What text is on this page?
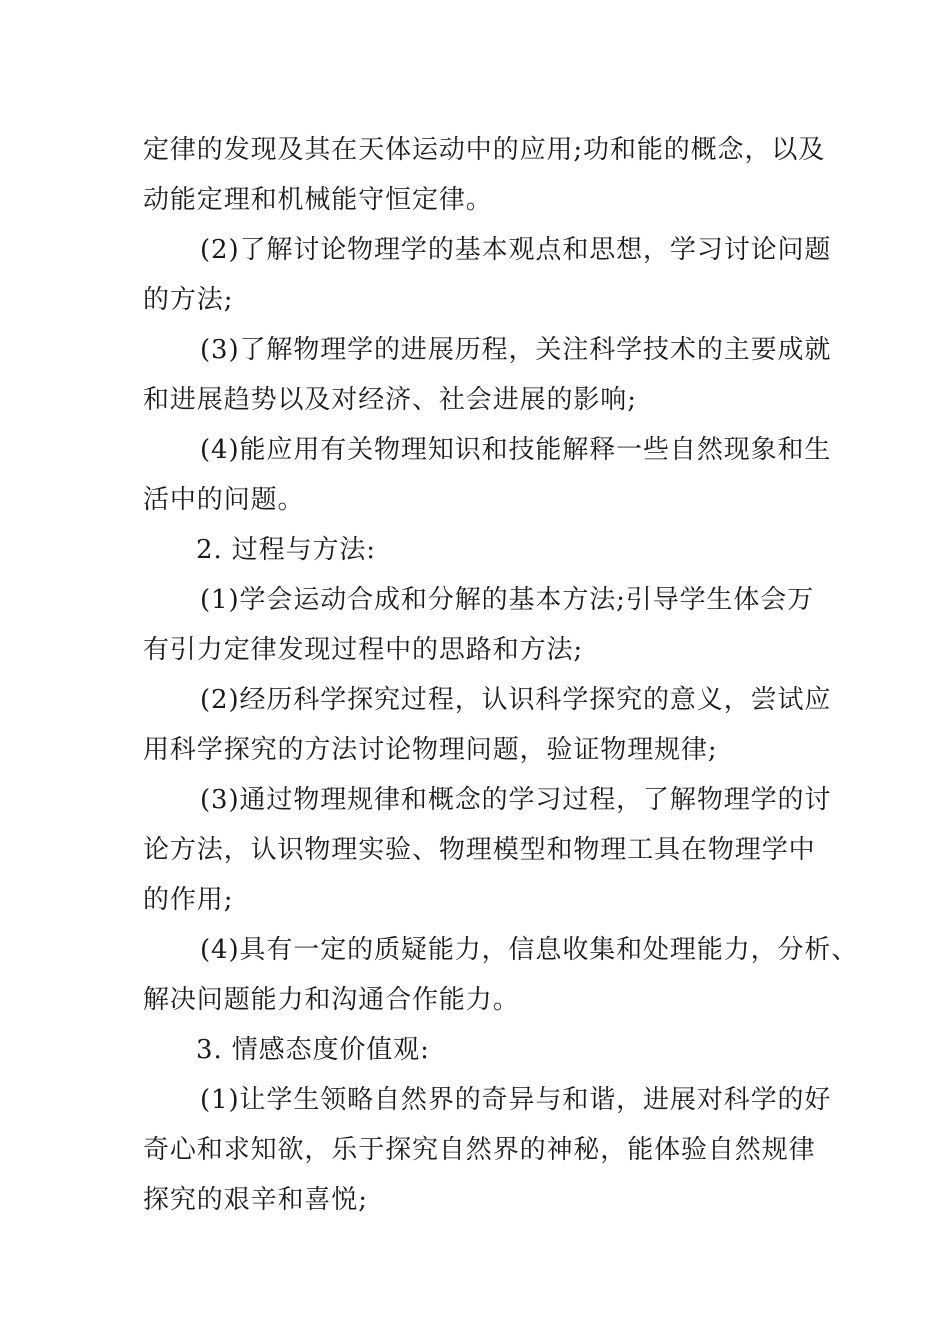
定律的发现及其在天体运动中的应用;功和能的概念，以及
动能定理和机械能守恒定律。
(2)了解讨论物理学的基本观点和思想，学习讨论问题
的方法;
(3)了解物理学的进展历程，关注科学技术的主要成就
和进展趋势以及对经济、社会进展的影响;
(4)能应用有关物理知识和技能解释一些自然现象和生
活中的问题。
2. 过程与方法:
(1)学会运动合成和分解的基本方法;引导学生体会万
有引力定律发现过程中的思路和方法;
(2)经历科学探究过程，认识科学探究的意义，尝试应
用科学探究的方法讨论物理问题，验证物理规律;
(3)通过物理规律和概念的学习过程，了解物理学的讨
论方法，认识物理实验、物理模型和物理工具在物理学中
的作用;
(4)具有一定的质疑能力，信息收集和处理能力，分析、
解决问题能力和沟通合作能力。
3. 情感态度价值观:
(1)让学生领略自然界的奇异与和谐，进展对科学的好
奇心和求知欲，乐于探究自然界的神秘，能体验自然规律
探究的艰辛和喜悦;
